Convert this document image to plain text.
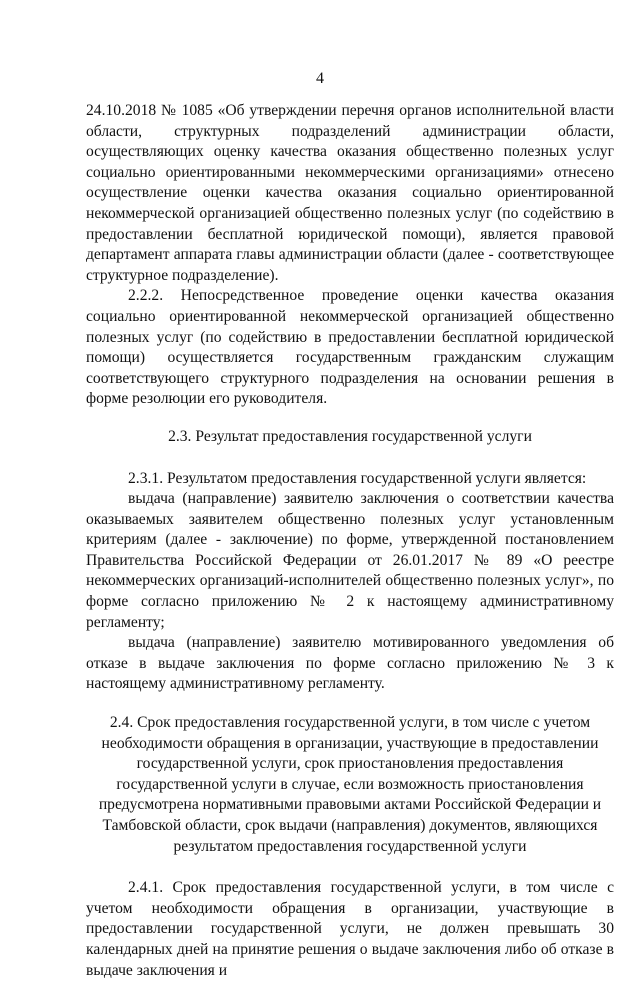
4

24.10.2018 № 1085 «Об утверждении перечня органов исполнительной власти области, структурных подразделений администрации области, осуществляющих оценку качества оказания общественно полезных услуг социально ориентированными некоммерческими организациями» отнесено осуществление оценки качества оказания социально ориентированной некоммерческой организацией общественно полезных услуг (по содействию в предоставлении бесплатной юридической помощи), является правовой департамент аппарата главы администрации области (далее - соответствующее структурное подразделение).

2.2.2. Непосредственное проведение оценки качества оказания социально ориентированной некоммерческой организацией общественно полезных услуг (по содействию в предоставлении бесплатной юридической помощи) осуществляется государственным гражданским служащим соответствующего структурного подразделения на основании решения в форме резолюции его руководителя.

2.3. Результат предоставления государственной услуги

2.3.1. Результатом предоставления государственной услуги является:

выдача (направление) заявителю заключения о соответствии качества оказываемых заявителем общественно полезных услуг установленным критериям (далее - заключение) по форме, утвержденной постановлением Правительства Российской Федерации от 26.01.2017 № 89 «О реестре некоммерческих организаций-исполнителей общественно полезных услуг», по форме согласно приложению № 2 к настоящему административному регламенту;

выдача (направление) заявителю мотивированного уведомления об отказе в выдаче заключения по форме согласно приложению № 3 к настоящему административному регламенту.

2.4. Срок предоставления государственной услуги, в том числе с учетом необходимости обращения в организации, участвующие в предоставлении государственной услуги, срок приостановления предоставления государственной услуги в случае, если возможность приостановления предусмотрена нормативными правовыми актами Российской Федерации и Тамбовской области, срок выдачи (направления) документов, являющихся результатом предоставления государственной услуги

2.4.1. Срок предоставления государственной услуги, в том числе с учетом необходимости обращения в организации, участвующие в предоставлении государственной услуги, не должен превышать 30 календарных дней на принятие решения о выдаче заключения либо об отказе в выдаче заключения и
